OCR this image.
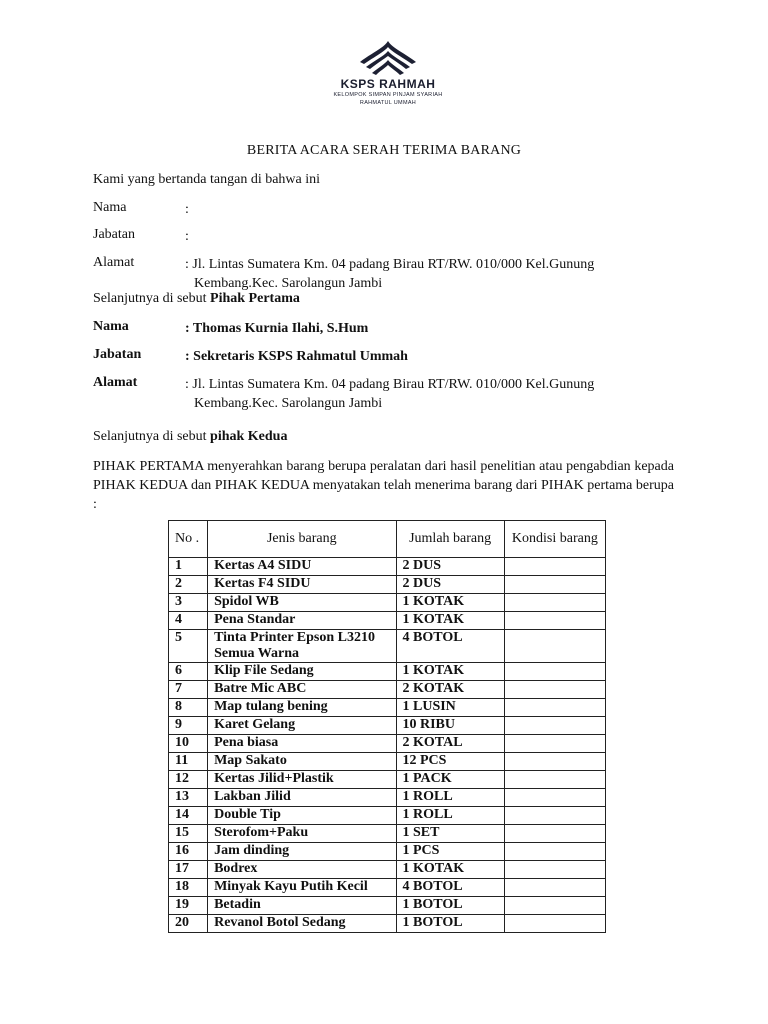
KSPS RAHMAH
KELOMPOK SIMPAN PINJAM SYARIAH
RAHMATUL UMMAH
BERITA ACARA SERAH TERIMA BARANG
Kami yang bertanda tangan di bahwa ini
Nama	:
Jabatan	:
Alamat	: Jl. Lintas Sumatera Km. 04 padang Birau RT/RW. 010/000 Kel.Gunung
Kembang.Kec. Sarolangun Jambi
Selanjutnya di sebut Pihak Pertama
Nama	: Thomas Kurnia Ilahi, S.Hum
Jabatan	: Sekretaris KSPS Rahmatul Ummah
Alamat	: Jl. Lintas Sumatera Km. 04 padang Birau RT/RW. 010/000 Kel.Gunung
Kembang.Kec. Sarolangun Jambi
Selanjutnya di sebut pihak Kedua
PIHAK PERTAMA menyerahkan barang berupa peralatan dari hasil penelitian atau pengabdian kepada PIHAK KEDUA dan PIHAK KEDUA menyatakan telah menerima barang dari PIHAK pertama berupa :
No .	Jenis barang	Jumlah barang	Kondisi barang
1	Kertas A4 SIDU	2 DUS	
2	Kertas F4 SIDU	2 DUS	
3	Spidol WB	1 KOTAK	
4	Pena Standar	1 KOTAK	
5	Tinta Printer Epson L3210 Semua Warna	4 BOTOL	
6	Klip File Sedang	1 KOTAK	
7	Batre Mic ABC	2 KOTAK	
8	Map tulang bening	1 LUSIN	
9	Karet Gelang	10 RIBU	
10	Pena biasa	2 KOTAL	
11	Map Sakato	12 PCS	
12	Kertas Jilid+Plastik	1 PACK	
13	Lakban Jilid	1 ROLL	
14	Double Tip	1 ROLL	
15	Sterofom+Paku	1 SET	
16	Jam dinding	1 PCS	
17	Bodrex	1 KOTAK	
18	Minyak Kayu Putih Kecil	4 BOTOL	
19	Betadin	1 BOTOL	
20	Revanol Botol Sedang	1 BOTOL	
